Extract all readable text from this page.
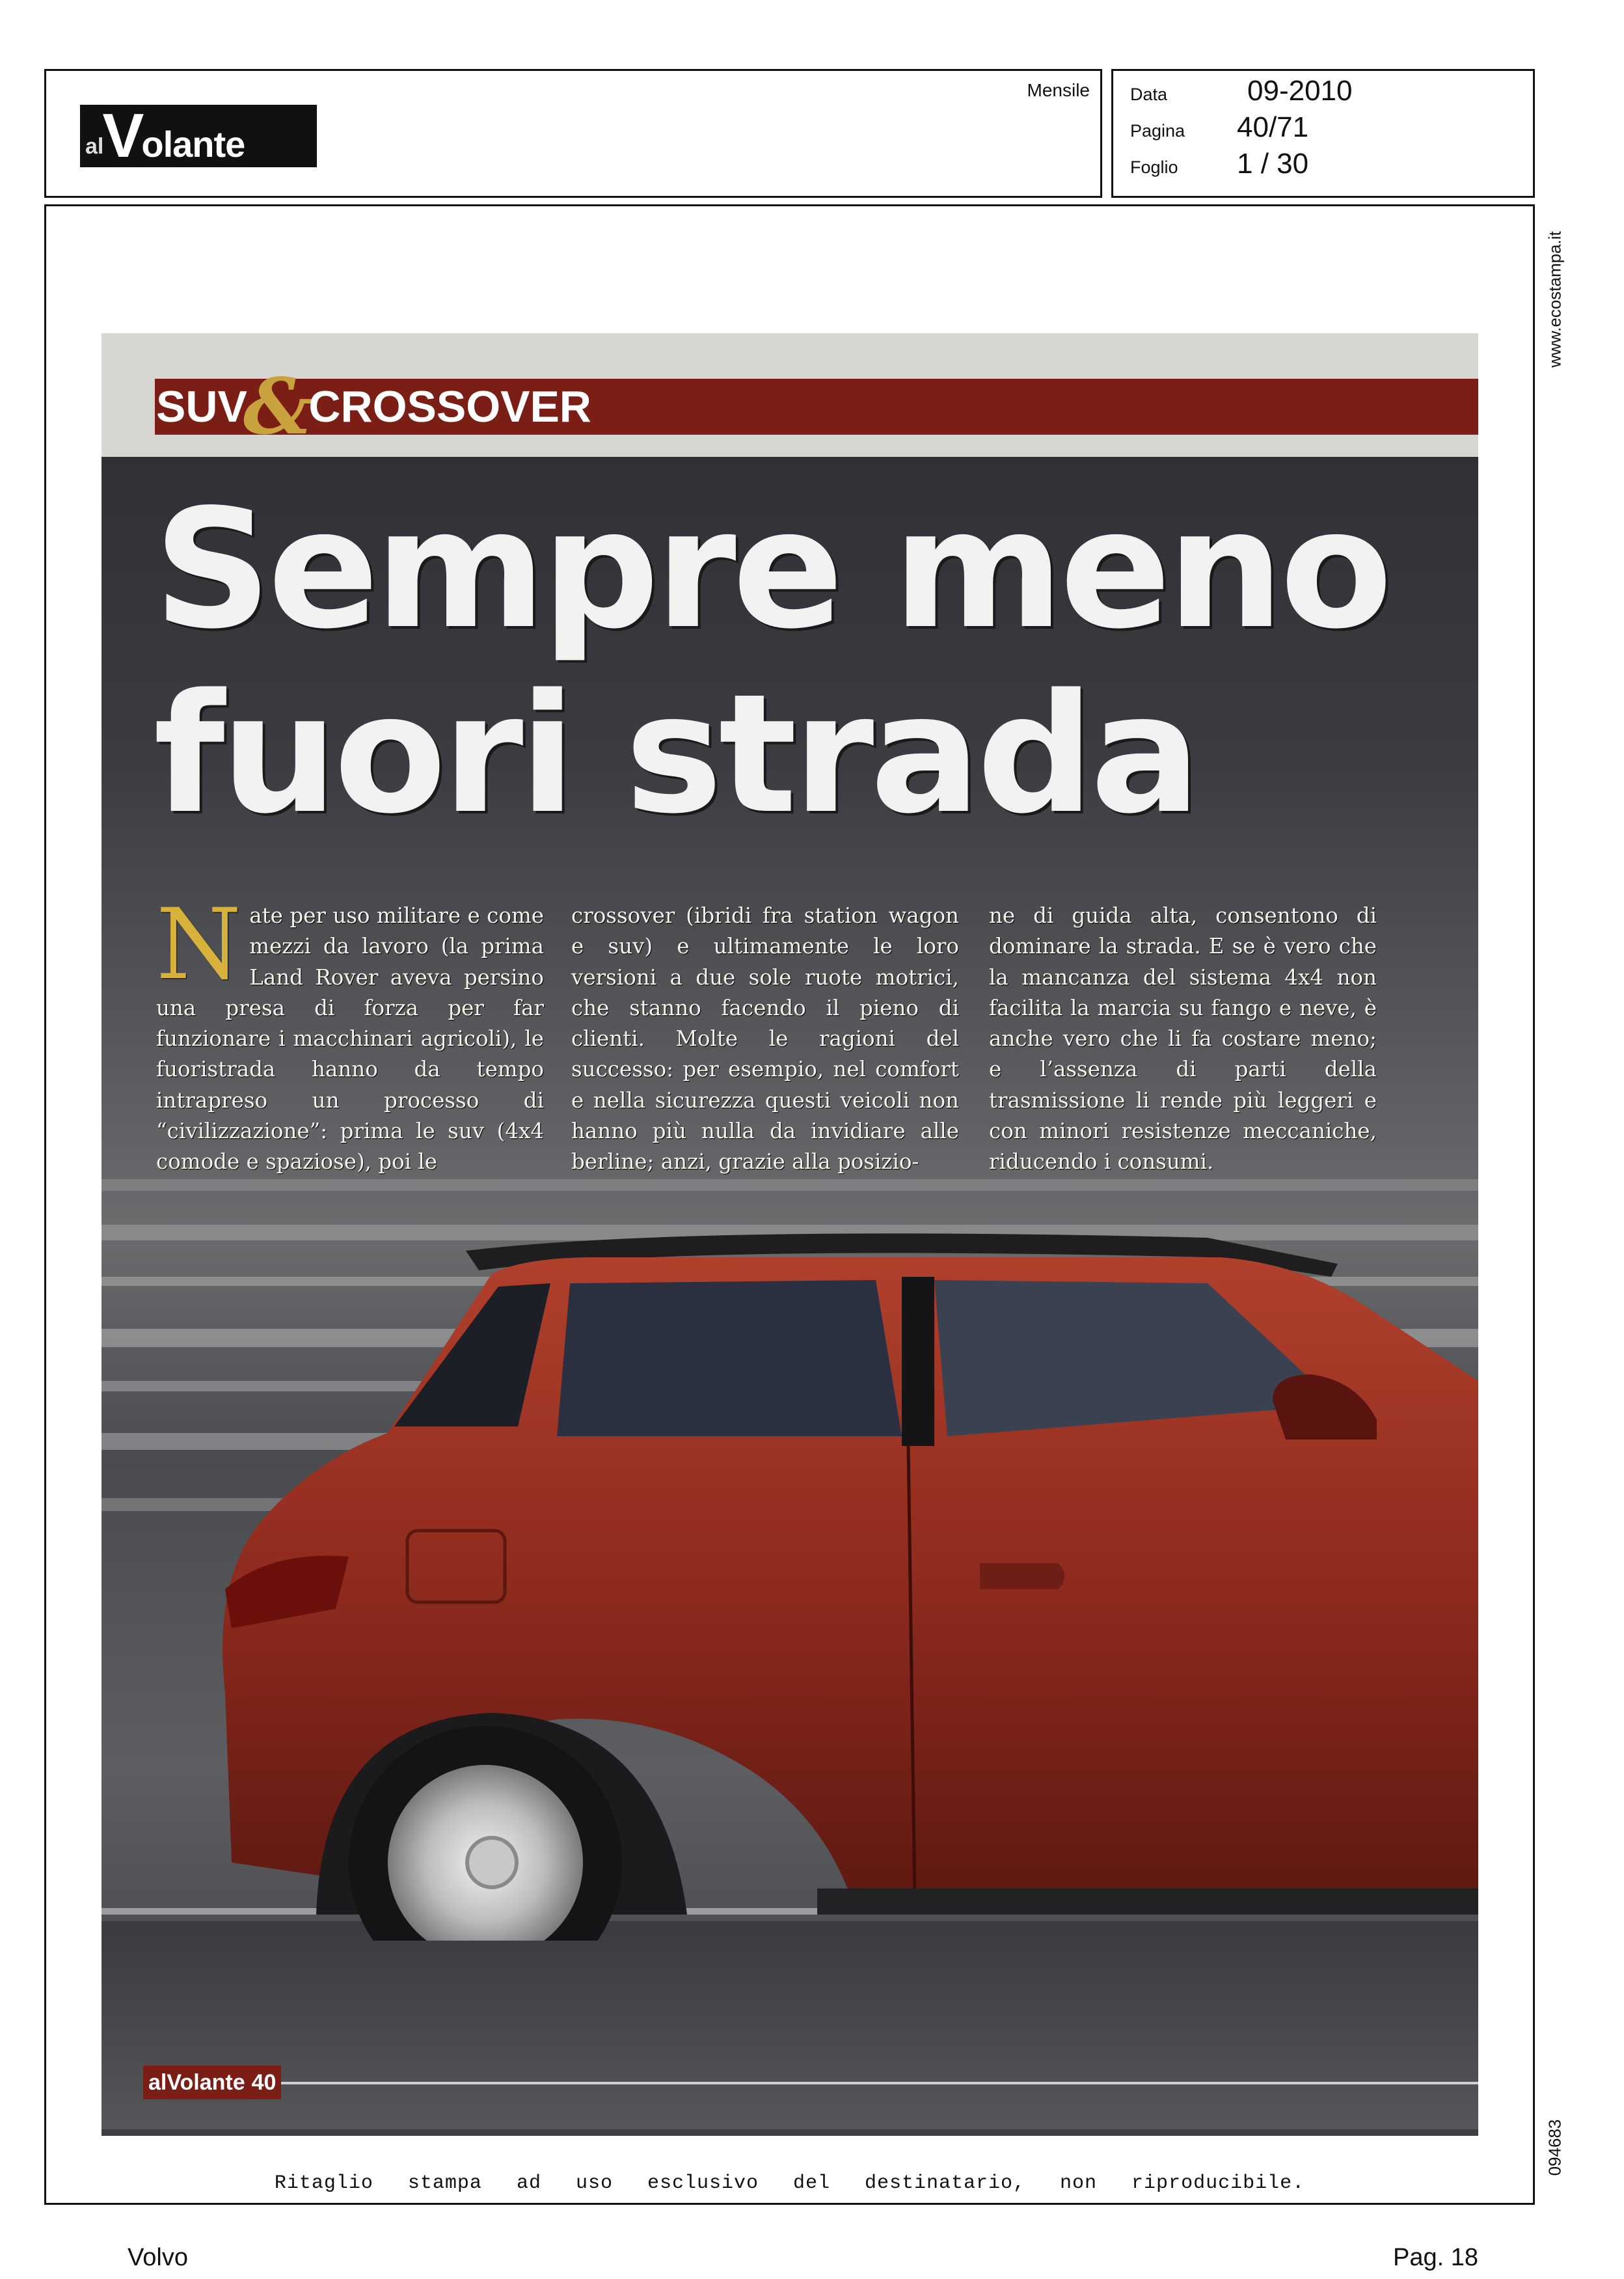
al
V
olante
Mensile Data	09-2010
Pagina	40/71
Foglio	1 / 30
www.ecostampa.it
094683
SUV
&
CROSSOVER
Sempre meno
fuori strada
Nate per uso militare e come mezzi da lavoro (la prima Land Rover aveva persino una presa di forza per far funzionare i macchinari agricoli), le fuoristrada hanno da tempo intrapreso un processo di “civilizzazione”: prima le suv (4x4 comode e spaziose), poi le
crossover (ibridi fra station wagon e suv) e ultimamente le loro versioni a due sole ruote motrici, che stanno facendo il pieno di clienti. Molte le ragioni del successo: per esempio, nel comfort e nella sicurezza questi veicoli non hanno più nulla da invidiare alle berline; anzi, grazie alla posizio-
ne di guida alta, consentono di dominare la strada. E se è vero che la mancanza del sistema 4x4 non facilita la marcia su fango e neve, è anche vero che li fa costare meno; e l’assenza di parti della trasmissione li rende più leggeri e con minori resistenze meccaniche, riducendo i consumi.
alVolante 40
Ritaglio stampa ad uso esclusivo del destinatario, non riproducibile.
Volvo	Pag. 18
